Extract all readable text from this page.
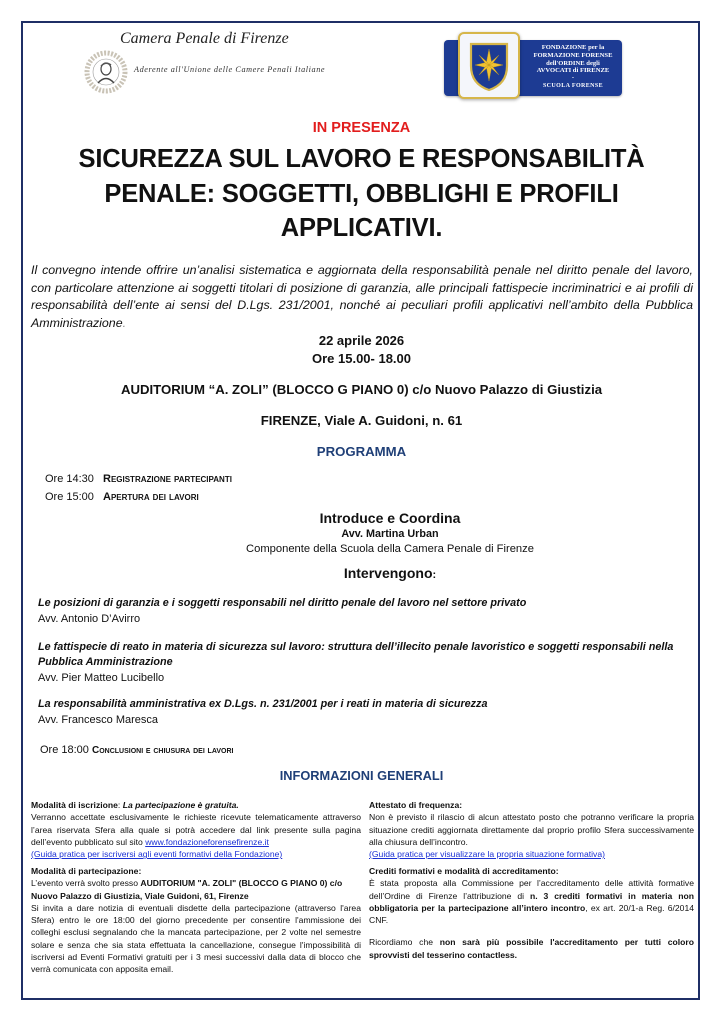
Camera Penale di Firenze
Aderente all'Unione delle Camere Penali Italiane
FONDAZIONE per la
FORMAZIONE FORENSE
dell'ORDINE degli
AVVOCATI di FIRENZE
-
SCUOLA FORENSE
IN PRESENZA
SICUREZZA SUL LAVORO E RESPONSABILITÀ
PENALE: SOGGETTI, OBBLIGHI E PROFILI
APPLICATIVI.
Il convegno intende offrire un’analisi sistematica e aggiornata della responsabilità penale nel diritto penale del lavoro, con particolare attenzione ai soggetti titolari di posizione di garanzia, alle principali fattispecie incriminatrici e ai profili di responsabilità dell’ente ai sensi del D.Lgs. 231/2001, nonché ai peculiari profili applicativi nell’ambito della Pubblica Amministrazione.
22 aprile 2026
Ore 15.00- 18.00
AUDITORIUM “A. ZOLI” (BLOCCO G PIANO 0) c/o Nuovo Palazzo di Giustizia
FIRENZE, Viale A. Guidoni, n. 61
PROGRAMMA
Ore 14:30 Registrazione partecipanti
Ore 15:00 Apertura dei lavori
Introduce e Coordina
Avv. Martina Urban
Componente della Scuola della Camera Penale di Firenze
Intervengono:
Le posizioni di garanzia e i soggetti responsabili nel diritto penale del lavoro nel settore privato
Avv. Antonio D’Avirro
Le fattispecie di reato in materia di sicurezza sul lavoro: struttura dell’illecito penale lavoristico e soggetti responsabili nella Pubblica Amministrazione
Avv. Pier Matteo Lucibello
La responsabilità amministrativa ex D.Lgs. n. 231/2001 per i reati in materia di sicurezza
Avv. Francesco Maresca
Ore 18:00 Conclusioni e chiusura dei lavori
INFORMAZIONI GENERALI
Modalità di iscrizione: La partecipazione è gratuita.
Verranno accettate esclusivamente le richieste ricevute telematicamente attraverso l’area riservata Sfera alla quale si potrà accedere dal link presente sulla pagina dell’evento pubblicato sul sito www.fondazioneforensefirenze.it
(Guida pratica per iscriversi agli eventi formativi della Fondazione)
Modalità di partecipazione:
L’evento verrà svolto presso AUDITORIUM "A. ZOLI" (BLOCCO G PIANO 0) c/o Nuovo Palazzo di Giustizia, Viale Guidoni, 61, Firenze
Si invita a dare notizia di eventuali disdette della partecipazione (attraverso l'area Sfera) entro le ore 18:00 del giorno precedente per consentire l'ammissione dei colleghi esclusi segnalando che la mancata partecipazione, per 2 volte nel semestre solare e senza che sia stata effettuata la cancellazione, consegue l'impossibilità di iscriversi ad Eventi Formativi gratuiti per i 3 mesi successivi dalla data di blocco che verrà comunicata con apposita email.
Attestato di frequenza:
Non è previsto il rilascio di alcun attestato posto che potranno verificare la propria situazione crediti aggiornata direttamente dal proprio profilo Sfera successivamente alla chiusura dell’incontro.
(Guida pratica per visualizzare la propria situazione formativa)
Crediti formativi e modalità di accreditamento:
È stata proposta alla Commissione per l’accreditamento delle attività formative dell’Ordine di Firenze l’attribuzione di n. 3 crediti formativi in materia non obbligatoria per la partecipazione all’intero incontro, ex art. 20/1-a Reg. 6/2014 CNF.
Ricordiamo che non sarà più possibile l'accreditamento per tutti coloro sprovvisti del tesserino contactless.
